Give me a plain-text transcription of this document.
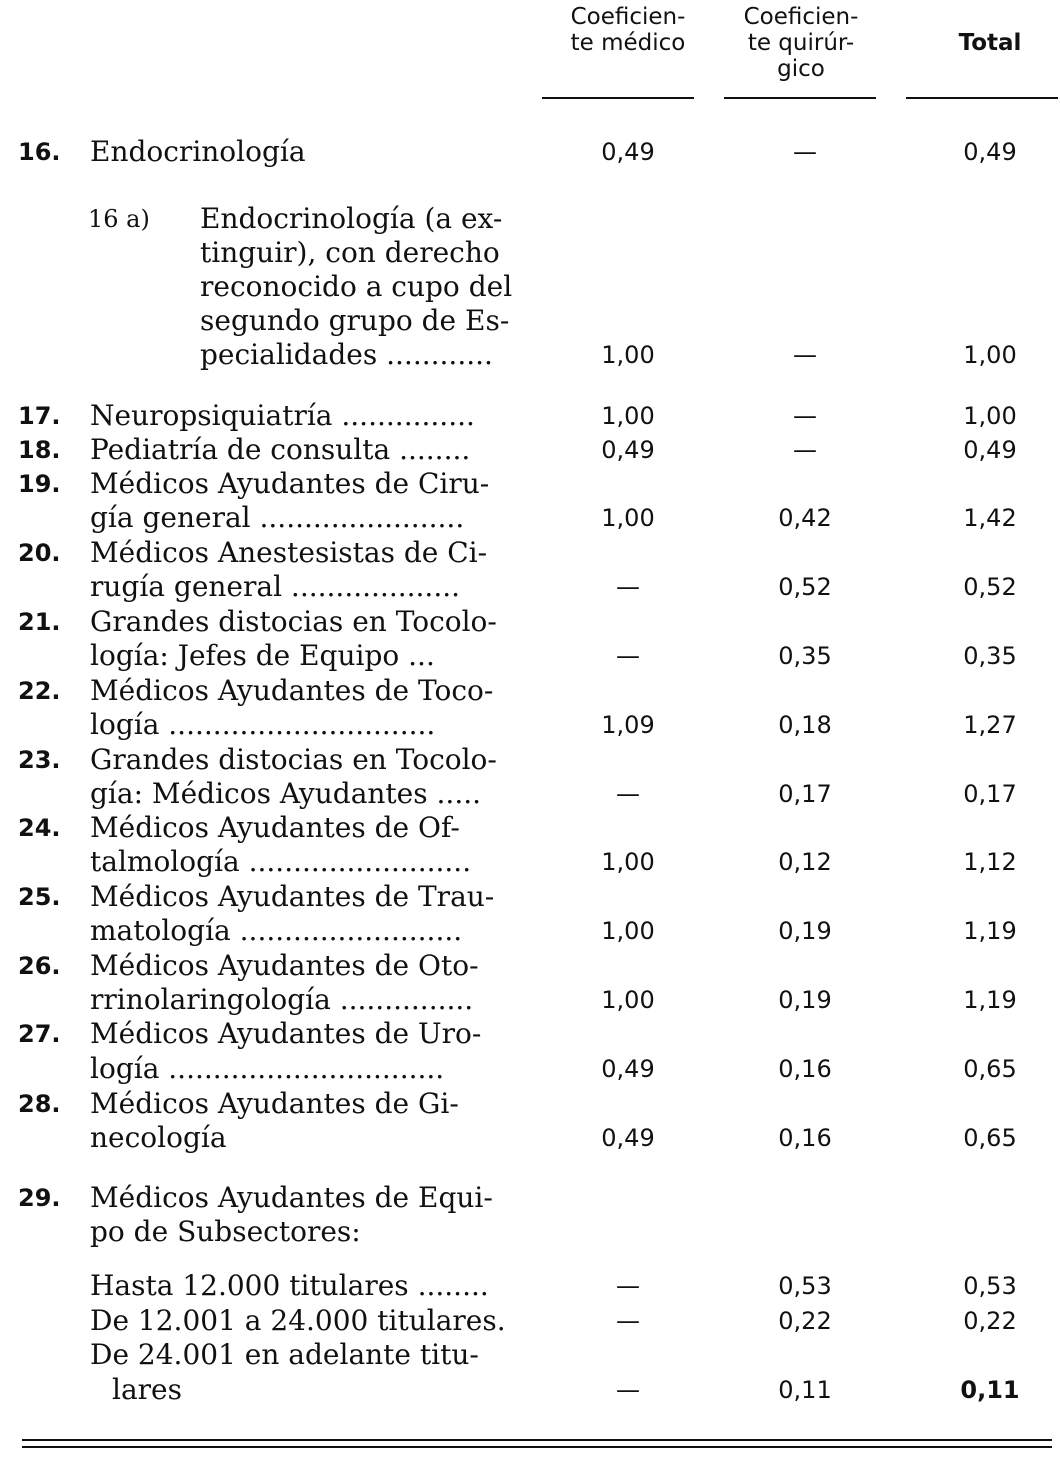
Coeficien-
te médico
Coeficien-
te quirúr-
gico
Total
16. Endocrinología	0,49	—	0,49
16 a) Endocrinología (a ex-
tinguir), con derecho
reconocido a cupo del
segundo grupo de Es-
pecialidades ............	1,00	—	1,00
17. Neuropsiquiatría ...............	1,00	—	1,00
18. Pediatría de consulta ........	0,49	—	0,49
19. Médicos Ayudantes de Ciru-
gía general .......................	1,00	0,42	1,42
20. Médicos Anestesistas de Ci-
rugía general ...................	—	0,52	0,52
21. Grandes distocias en Tocolo-
logía: Jefes de Equipo ...	—	0,35	0,35
22. Médicos Ayudantes de Toco-
logía ..............................	1,09	0,18	1,27
23. Grandes distocias en Tocolo-
gía: Médicos Ayudantes .....	—	0,17	0,17
24. Médicos Ayudantes de Of-
talmología .........................	1,00	0,12	1,12
25. Médicos Ayudantes de Trau-
matología .........................	1,00	0,19	1,19
26. Médicos Ayudantes de Oto-
rrinolaringología ...............	1,00	0,19	1,19
27. Médicos Ayudantes de Uro-
logía ...............................	0,49	0,16	0,65
28. Médicos Ayudantes de Gi-
necología	0,49	0,16	0,65
29. Médicos Ayudantes de Equi-
po de Subsectores:
Hasta 12.000 titulares ........	—	0,53	0,53
De 12.001 a 24.000 titulares.	—	0,22	0,22
De 24.001 en adelante titu-
lares	—	0,11	0,11
